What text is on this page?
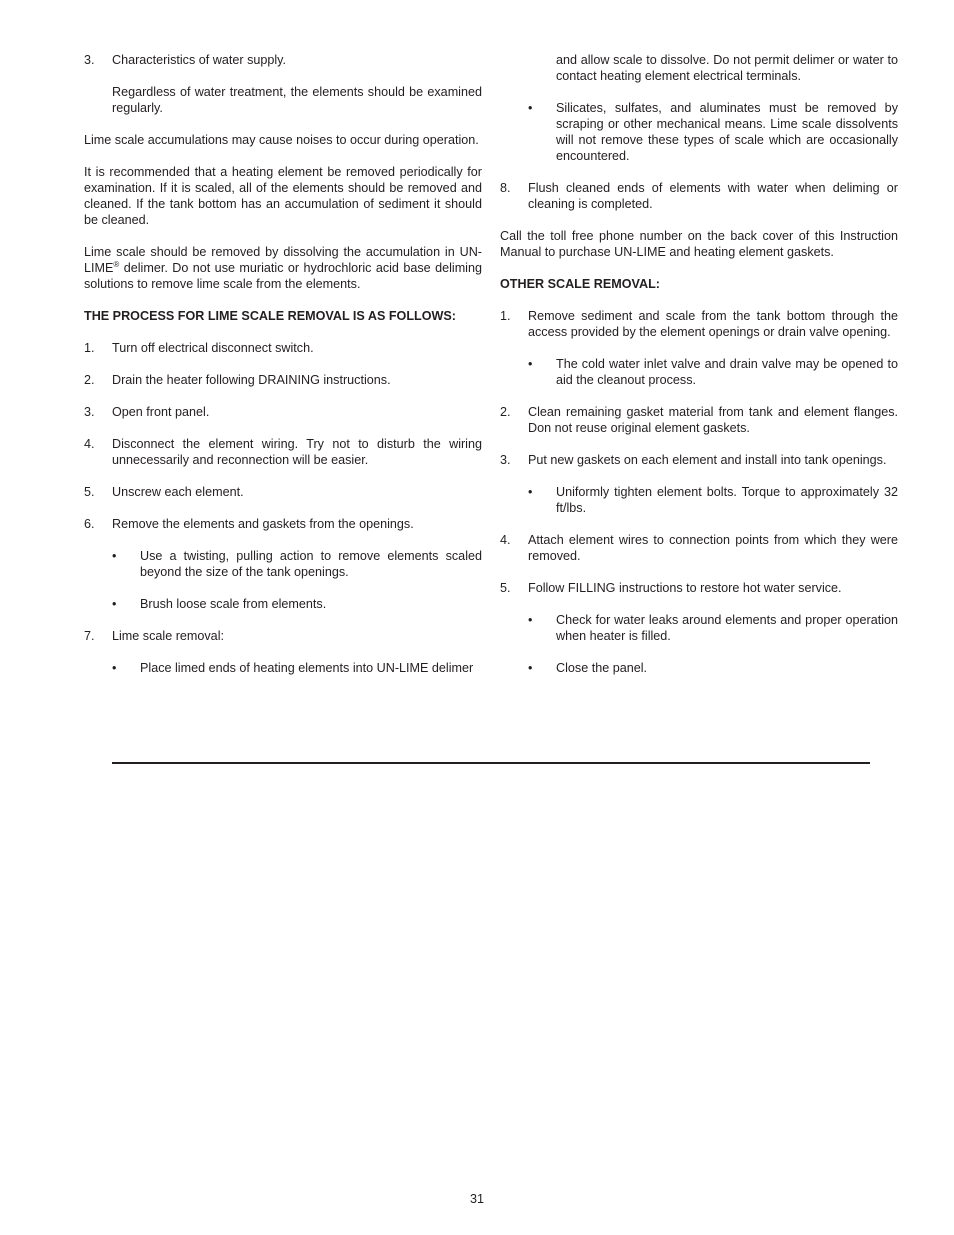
3.	Characteristics of water supply.
Regardless of water treatment, the elements should be examined regularly.

Lime scale accumulations may cause noises to occur during operation.

It is recommended that a heating element be removed periodically for examination. If it is scaled, all of the elements should be removed and cleaned. If the tank bottom has an accumulation of sediment it should be cleaned.

Lime scale should be removed by dissolving the accumulation in UN-LIME® delimer. Do not use muriatic or hydrochloric acid base deliming solutions to remove lime scale from the elements.

THE PROCESS FOR LIME SCALE REMOVAL IS AS FOLLOWS:
1.	Turn off electrical disconnect switch.
2.	Drain the heater following DRAINING instructions.
3.	Open front panel.
4.	Disconnect the element wiring. Try not to disturb the wiring unnecessarily and reconnection will be easier.
5.	Unscrew each element.
6.	Remove the elements and gaskets from the openings.
•	Use a twisting, pulling action to remove elements scaled beyond the size of the tank openings.
•	Brush loose scale from elements.
7.	Lime scale removal:
•	Place limed ends of heating elements into UN-LIME delimer
and allow scale to dissolve. Do not permit delimer or water to contact heating element electrical terminals.
•	Silicates, sulfates, and aluminates must be removed by scraping or other mechanical means. Lime scale dissolvents will not remove these types of scale which are occasionally encountered.
8.	Flush cleaned ends of elements with water when deliming or cleaning is completed.

Call the toll free phone number on the back cover of this Instruction Manual to purchase UN-LIME and heating element gaskets.

OTHER SCALE REMOVAL:
1.	Remove sediment and scale from the tank bottom through the access provided by the element openings or drain valve opening.
•	The cold water inlet valve and drain valve may be opened to aid the cleanout process.
2.	Clean remaining gasket material from tank and element flanges. Don not reuse original element gaskets.
3.	Put new gaskets on each element and install into tank openings.
•	Uniformly tighten element bolts. Torque to approximately 32 ft/lbs.
4.	Attach element wires to connection points from which they were removed.
5.	Follow FILLING instructions to restore hot water service.
•	Check for water leaks around elements and proper operation when heater is filled.
•	Close the panel.
31
